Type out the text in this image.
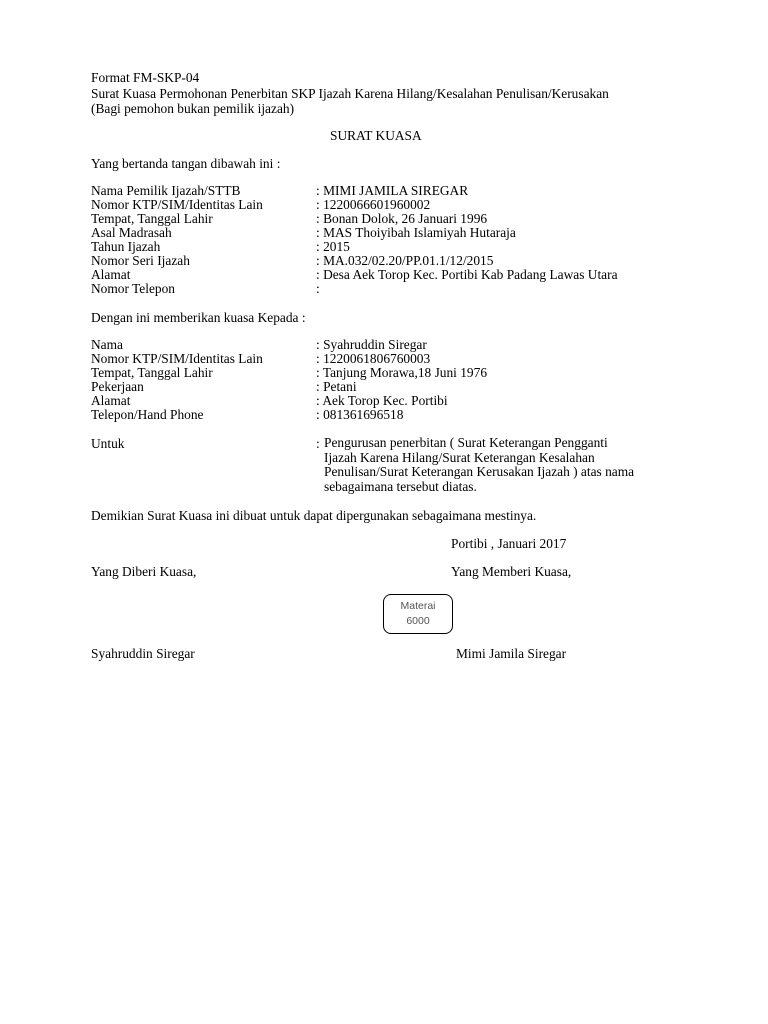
Format FM-SKP-04
Surat Kuasa Permohonan Penerbitan SKP Ijazah Karena Hilang/Kesalahan Penulisan/Kerusakan
(Bagi pemohon bukan pemilik ijazah)
SURAT KUASA
Yang bertanda tangan dibawah ini :
Nama Pemilik Ijazah/STTB	: MIMI JAMILA SIREGAR
Nomor KTP/SIM/Identitas Lain	: 1220066601960002
Tempat, Tanggal Lahir	: Bonan Dolok, 26 Januari 1996
Asal Madrasah	: MAS Thoiyibah Islamiyah Hutaraja
Tahun Ijazah	: 2015
Nomor Seri Ijazah	: MA.032/02.20/PP.01.1/12/2015
Alamat	: Desa Aek Torop Kec. Portibi Kab Padang Lawas Utara
Nomor Telepon	:
Dengan ini memberikan kuasa Kepada :
Nama	: Syahruddin Siregar
Nomor KTP/SIM/Identitas Lain	: 1220061806760003
Tempat, Tanggal Lahir	: Tanjung Morawa,18 Juni 1976
Pekerjaan	: Petani
Alamat	: Aek Torop Kec. Portibi
Telepon/Hand Phone	: 081361696518
Untuk	: Pengurusan penerbitan ( Surat Keterangan Pengganti
Ijazah Karena Hilang/Surat Keterangan Kesalahan
Penulisan/Surat Keterangan Kerusakan Ijazah ) atas nama
sebagaimana tersebut diatas.
Demikian Surat Kuasa ini dibuat untuk dapat dipergunakan sebagaimana mestinya.
Portibi , Januari 2017
Yang Diberi Kuasa,	Yang Memberi Kuasa,
Materai
6000
Syahruddin Siregar	Mimi Jamila Siregar
